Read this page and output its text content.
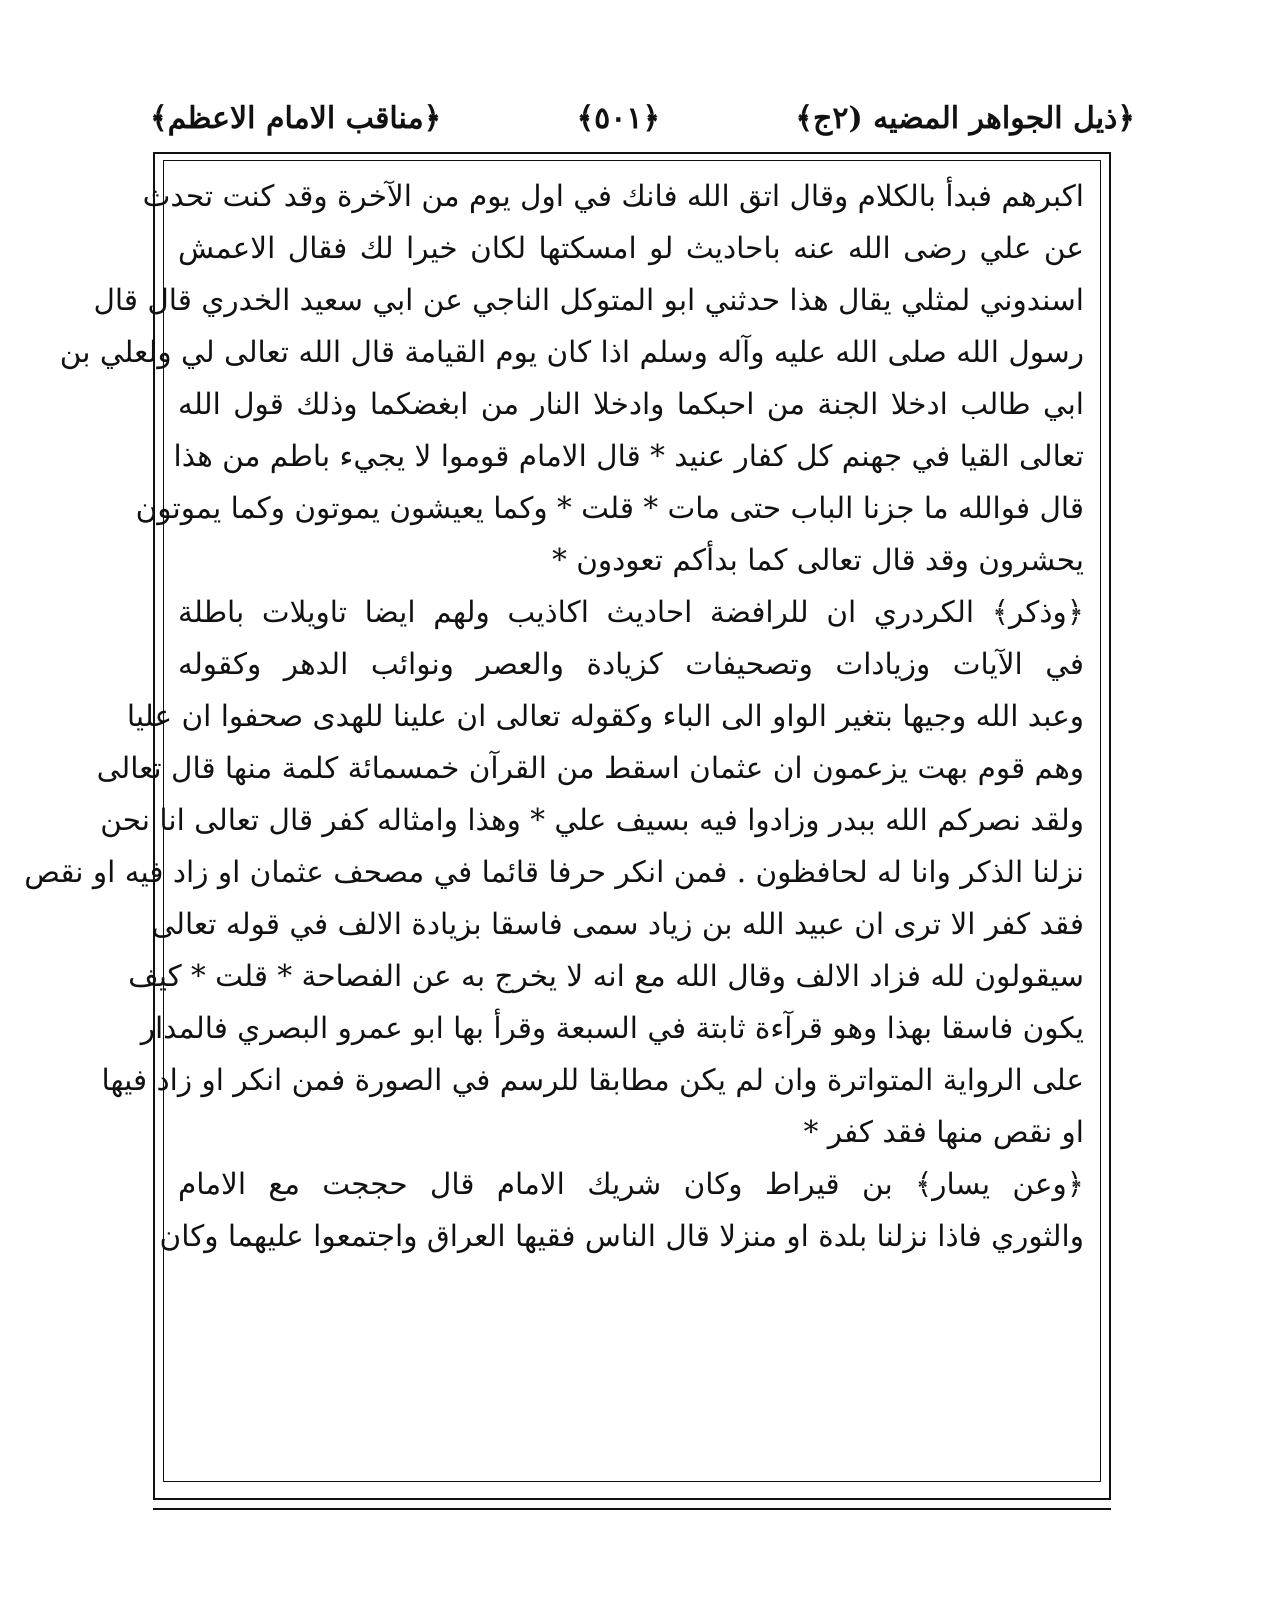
﴿ذيل الجواهر المضيه (٢ج﴾
﴿٥٠١﴾
﴿مناقب الامام الاعظم﴾
اكبرهم فبدأ بالكلام وقال اتق الله فانك في اول يوم من الآخرة وقد كنت تحدث
عن علي رضى الله عنه باحاديث لو امسكتها لكان خيرا لك فقال الاعمش
اسندوني لمثلي يقال هذا حدثني ابو المتوكل الناجي عن ابي سعيد الخدري قال قال
رسول الله صلى الله عليه وآله وسلم اذا كان يوم القيامة قال الله تعالى لي ولعلي بن
ابي طالب ادخلا الجنة من احبكما وادخلا النار من ابغضكما وذلك قول الله
تعالى القيا في جهنم كل كفار عنيد * قال الامام قوموا لا يجيء باطم من هذا
قال فوالله ما جزنا الباب حتى مات * قلت * وكما يعيشون يموتون وكما يموتون
يحشرون وقد قال تعالى كما بدأكم تعودون *
﴿وذكر﴾ الكردري ان للرافضة احاديث اكاذيب ولهم ايضا تاويلات باطلة
في الآيات وزيادات وتصحيفات كزيادة والعصر ونوائب الدهر وكقوله
وعبد الله وجيها بتغير الواو الى الباء وكقوله تعالى ان علينا للهدى صحفوا ان عليا
وهم قوم بهت يزعمون ان عثمان اسقط من القرآن خمسمائة كلمة منها قال تعالى
ولقد نصركم الله ببدر وزادوا فيه بسيف علي * وهذا وامثاله كفر قال تعالى انا نحن
نزلنا الذكر وانا له لحافظون . فمن انكر حرفا قائما في مصحف عثمان او زاد فيه او نقص
فقد كفر الا ترى ان عبيد الله بن زياد سمى فاسقا بزيادة الالف في قوله تعالى
سيقولون لله فزاد الالف وقال الله مع انه لا يخرج به عن الفصاحة * قلت * كيف
يكون فاسقا بهذا وهو قرآءة ثابتة في السبعة وقرأ بها ابو عمرو البصري فالمدار
على الرواية المتواترة وان لم يكن مطابقا للرسم في الصورة فمن انكر او زاد فيها
او نقص منها فقد كفر *
﴿وعن يسار﴾ بن قيراط وكان شريك الامام قال حججت مع الامام
والثوري فاذا نزلنا بلدة او منزلا قال الناس فقيها العراق واجتمعوا عليهما وكان
